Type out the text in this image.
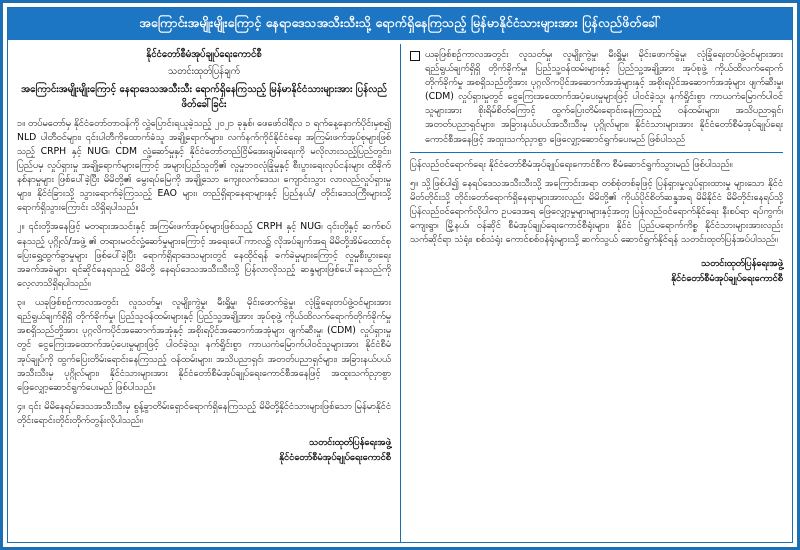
အကြောင်းအမျိုးမျိုးကြောင့် နေရာဒေသအသီးသီးသို့ ရောက်ရှိနေကြသည့် မြန်မာနိုင်ငံသားများအား ပြန်လည်ဖိတ်ခေါ်
နိုင်ငံတော်စီမံအုပ်ချုပ်ရေးကောင်စီ
သတင်းထုတ်ပြန်ချက်
အကြောင်းအမျိုးမျိုးကြောင့် နေရာဒေသအသီးသီး ရောက်ရှိနေကြသည့် မြန်မာနိုင်ငံသားများအား ပြန်လည်ဖိတ်ခေါ်ခြင်း

၁။ တပ်မတော်မှ နိုင်ငံတော်တာဝန်ကို လွှဲပြောင်းရယူခဲ့သည့် ၂၀၂၁ ခုနှစ်၊ ဖေဖော်ဝါရီလ ၁ ရက်နေ့နောက်ပိုင်းမှစ၍ NLD ပါတီဝင်များ၊ ၎င်းပါတီကိုထောက်ခံသူ အချို့ရောက်များ၊ လက်နက်ကိုင်နိုင်ငံရေး အကြမ်းဖက်အုပ်စုများဖြစ်သည့် CRPH နှင့် NUG၊ CDM လှုံ့ဆော်မှုနှင့် နိုင်ငံတော်တည်ငြိမ်အေးချမ်းရေးကို မလိုလားသည့်ပြည်တွင်း၊ ပြည်ပမှ လှုပ်ရှားမှု အချို့ရောက်များကြောင့် အများပြည်သူတို့၏ လူမှုဘဝလုံခြုံမှုနှင့် စီးပွားရေးလုပ်ငန်းများ ထိခိုက်နစ်နာမှုများ ဖြစ်ပေါ်ခဲ့ပြီး မိမိတို့၏ မွေးရပ်မြေကို အချို့သော ကျေးလက်ဒေသ၊ ကျောင်းသွား လာလည်လှုပ်ရှားမှုများ၊ နိုင်ငံခြားသို့ သွားရောက်ခဲ့ကြသည့် EAO များ၊ တည်ရှိရာနေရာများနှင့် ပြည်နယ်/ တိုင်းဒေသကြီးများသို့ ရောက်ရှိသွားကြောင်း သိရှိရပါသည်။

၂။ ၎င်းတို့အနေဖြင့် မတရားအသင်းနှင့် အကြမ်းဖက်အုပ်စုများဖြစ်သည့် CRPH နှင့် NUG၊ ၎င်းတို့နှင့် ဆက်စပ်နေသည့် ပုဂ္ဂိုလ်/အဖွဲ့ ၏ တရားမဝင်လှုံ့ဆော်မှုများကြောင့် အရေးပေါ်ကာလ၌ လိုအပ်ချက်အရ မိမိတို့အိမ်ထောင်စု ပြေးရွှေ့ထွက်ခွာမှုများ ဖြစ်ပေါ်ခဲ့ပြီး ရောက်ရှိရာဒေသများတွင် နေထိုင်ရန် ခက်ခဲမှုများကြောင့် လူမှုစီးပွားရေး အခက်အခဲများ ရင်ဆိုင်နေရသည့် မိမိတို့ နေရပ်ဒေသအသီးသီးသို့ ပြန်လာလိုသည့် ဆန္ဒများဖြစ်ပေါ်နေသည်ကို လေ့လာသိရှိရပါသည်။

၃။ ယခုဖြစ်စဉ်ကာလအတွင်း လူသတ်မှု၊ လူမျိုးကွဲမှု၊ မီးရှို့မှု၊ မိုင်းဖောက်ခွဲမှု၊ လုံခြုံရေးတပ်ဖွဲ့ဝင်များအား ရည်ရွယ်ချက်ရှိရှိ တိုက်ခိုက်မှု၊ ပြည်သူဝန်ထမ်းများနှင့် ပြည်သူ့အချို့အား အုပ်စုဖွဲ့ ကိုယ်ထိလက်ရောက်တိုက်ခိုက်မှု အစရှိသည်တို့အား ပုဂ္ဂလိကပိုင်အဆောက်အအုံနှင့် အစိုးရပိုင်အဆောက်အအုံများ ဖျက်ဆီးမှု၊ (CDM) လှုပ်ရှားမှုတွင် ငွေကြေးအထောက်အပံ့ပေးမှုများဖြင့် ပါဝင်ခဲ့သူ၊ နက်ရှိုင်းစွာ ကာယကံမြောက်ပါဝင်သူများအား နိုင်ငံစီမံအုပ်ချုပ်ကို ထွက်ပြေးတိမ်းရောင်းနေကြသည့် ဝန်ထမ်းများ၊ အသိပညာရှင်၊ အတတ်ပညာရှင်များ၊ အခြားနယ်ပယ်အသီးသီးမှ ပုဂ္ဂိုလ်များ၊ နိုင်ငံသားများအား နိုင်ငံတော်စီမံအုပ်ချုပ်ရေးကောင်စီအနေဖြင့် အထူးသက်ညှာစွာ ဖြေလျှော့ဆောင်ရွက်ပေးမည် ဖြစ်ပါသည်။

၄။ ၎င်း မိမိနေရပ်ဒေသအသီးသီးမှ စွန့်ခွာတိမ်းရှောင်ရောက်ရှိနေကြသည့် မိမိတို့နိုင်ငံသားများဖြစ်သော မြန်မာနိုင်ငံ တိုင်းရောင်းတိုင်းတိုက်တွန်းလိုပါသည်။

သတင်းထုတ်ပြန်ရေးအဖွဲ့
နိုင်ငံတော်စီမံအုပ်ချုပ်ရေးကောင်စီ
ယခုဖြစ်စဉ်ကာလအတွင်း လူသတ်မှု၊ လူမျိုးကွဲမှု၊ မီးရှို့မှု၊ မိုင်းဖောက်ခွဲမှု၊ လုံခြုံရေးတပ်ဖွဲ့ဝင်များအား ရည်ရွယ်ချက်ရှိရှိ တိုက်ခိုက်မှု၊ ပြည်သူ့ဝန်ထမ်းများနှင့် ပြည်သူ့အချို့အား အုပ်စုဖွဲ့ ကိုယ်ထိလက်ရောက်တိုက်ခိုက်မှု အစရှိသည်တို့အား ပုဂ္ဂလိကပိုင်အဆောက်အအုံများနှင့် အစိုးရပိုင်အဆောက်အအုံများ ဖျက်ဆီးမှု၊ (CDM) လှုပ်ရှားမှုတွင် ငွေကြေးအထောက်အပံ့ပေးမှုများဖြင့် ပါဝင်ခဲ့သူ၊ နက်ရှိုင်းစွာ ကာယကံမြောက်ပါဝင်သူများအား စိုးရိမ်စိတ်ကြောင့် ထွက်ပြေးတိမ်းရောင်းနေကြသည့် ဝန်ထမ်းများ၊ အသိပညာရှင်၊ အတတ်ပညာရှင်များ၊ အခြားနယ်ပယ်အသီးသီးမှ ပုဂ္ဂိုလ်များ၊ နိုင်ငံသားများအား နိုင်ငံတော်စီမံအုပ်ချုပ်ရေးကောင်စီအနေဖြင့် အထူးသက်ညှာစွာ ဖြေလျှော့ဆောင်ရွက်ပေးမည် ဖြစ်ပါသည်

ပြန်လည်ဝင်ရောက်ရေး နိုင်ငံတော်စီမံအုပ်ချုပ်ရေးကောင်စီက စီမံဆောင်ရွက်သွားမည် ဖြစ်ပါသည်။

၅။ သို့ဖြစ်ပါ၍ နေရပ်ဒေသအသီးသီးသို့ အကြောင်းအရာ တစ်စုံတစ်ခုဖြင့် ပြန်ရှားမှုလှုပ်ရှားထားမှု များသော နိုင်ငံမိတ်တိုင်းသို့ တိုင်းတော်ရောက်ရှိနေရာများအားလည်း မိမိတို့၏ ကိုယ်ပိုင်စိတ်ဆန္ဒအရ မိမိနိုင်ငံ မိမိတိုင်းနေရပ်သို့ ပြန်လည်ဝင်ရောက်လိုပါက ဥပဒေအရ ဖြေလျှော့မှုများများနှင့်အတူ ပြန်လည်ဝင်ရောက်နိုင်ရေး နီးစပ်ရာ ရပ်ကွက်၊ ကျေးရွာ၊ မြို့နယ်၊ ဝန်ဆိုင် စီမံအုပ်ချုပ်ရေးကောင်စီရုံးများ၊ နိုင်ငံ ပြည်ပရောက်ကိစ္စ နိုင်ငံသားများအားလည်း သက်ဆိုင်ရာ သံရုံး၊ စစ်သံရုံး ကောင်စစ်ဝန်ရုံးများသို့ ဆက်သွယ် ဆောင်ရွက်နိုင်ရန် သတင်းထုတ်ပြန်အပ်ပါသည်။

သတင်းထုတ်ပြန်ရေးအဖွဲ့
နိုင်ငံတော်စီမံအုပ်ချုပ်ရေးကောင်စီ
